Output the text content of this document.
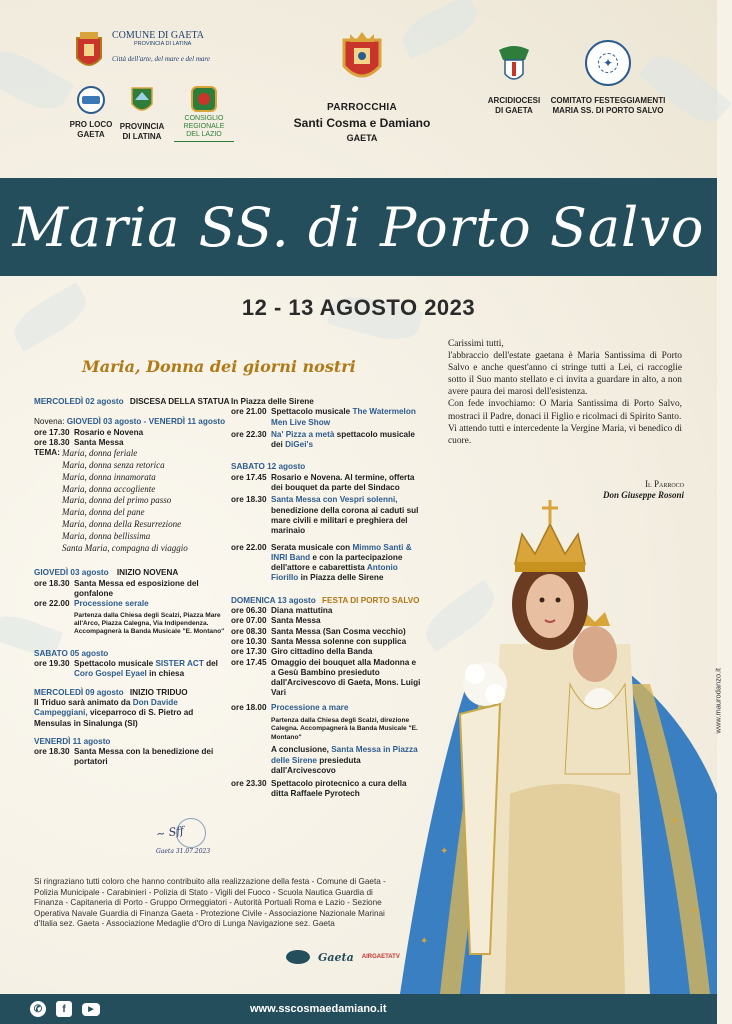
COMUNE DI GAETA
PROVINCIA DI LATINA
Città dell'arte, del mare e del mare
PRO LOCO
GAETA
PROVINCIA
DI LATINA
CONSIGLIO
REGIONALE
DEL LAZIO
PARROCCHIA
Santi Cosma e Damiano
GAETA
ARCIDIOCESI
DI GAETA
✦
COMITATO FESTEGGIAMENTI
MARIA SS. DI PORTO SALVO
Maria SS. di Porto Salvo
12 - 13 AGOSTO 2023
Maria, Donna dei giorni nostri
MERCOLEDÌ 02 agosto DISCESA DELLA STATUA
Novena: GIOVEDÌ 03 agosto - VENERDÌ 11 agosto
ore 17.30 Rosario e Novena
ore 18.30 Santa Messa
TEMA: Maria, donna feriale
Maria, donna senza retorica
Maria, donna innamorata
Maria, donna accogliente
Maria, donna del primo passo
Maria, donna del pane
Maria, donna della Resurrezione
Maria, donna bellissima
Santa Maria, compagna di viaggio
GIOVEDÌ 03 agosto INIZIO NOVENA
ore 18.30 Santa Messa ed esposizione del gonfalone
ore 22.00 Processione serale
Partenza dalla Chiesa degli Scalzi, Piazza Mare all'Arco, Piazza Calegna, Via Indipendenza. Accompagnerà la Banda Musicale "E. Montano"
SABATO 05 agosto
ore 19.30 Spettacolo musicale SISTER ACT del
Coro Gospel Eyael in chiesa
MERCOLEDÌ 09 agosto INIZIO TRIDUO
Il Triduo sarà animato da Don Davide Campeggiani, viceparroco di S. Pietro ad Mensulas in Sinalunga (SI)
VENERDÌ 11 agosto
ore 18.30 Santa Messa con la benedizione dei portatori
~ Sff
Gaeta 31.07.2023
In Piazza delle Sirene
ore 21.00 Spettacolo musicale The Watermelon Men Live Show
ore 22.30 Na' Pizza a metà spettacolo musicale dei DiGei's
SABATO 12 agosto
ore 17.45 Rosario e Novena. Al termine, offerta dei bouquet da parte del Sindaco
ore 18.30 Santa Messa con Vespri solenni, benedizione della corona ai caduti sul mare civili e militari e preghiera del marinaio
ore 22.00 Serata musicale con Mimmo Santi & INRI Band e con la partecipazione dell'attore e cabarettista Antonio Fiorillo in Piazza delle Sirene
DOMENICA 13 agosto FESTA DI PORTO SALVO
ore 06.30 Diana mattutina
ore 07.00 Santa Messa
ore 08.30 Santa Messa (San Cosma vecchio)
ore 10.30 Santa Messa solenne con supplica
ore 17.30 Giro cittadino della Banda
ore 17.45 Omaggio dei bouquet alla Madonna e a Gesù Bambino presieduto dall'Arcivescovo di Gaeta, Mons. Luigi Vari
ore 18.00 Processione a mare
Partenza dalla Chiesa degli Scalzi, direzione Calegna. Accompagnerà la Banda Musicale "E. Montano"
A conclusione, Santa Messa in Piazza delle Sirene presieduta dall'Arcivescovo
ore 23.30 Spettacolo pirotecnico a cura della ditta Raffaele Pyrotech
Carissimi tutti,
l'abbraccio dell'estate gaetana è Maria Santissima di Porto Salvo e anche quest'anno ci stringe tutti a Lei, ci raccoglie sotto il Suo manto stellato e ci invita a guardare in alto, a non avere paura dei marosi dell'esistenza.
Con fede invochiamo: O Maria Santissima di Porto Salvo, mostraci il Padre, donaci il Figlio e ricolmaci di Spirito Santo.
Vi attendo tutti e intercedente la Vergine Maria, vi benedico di cuore.
Il Parroco
Don Giuseppe Rosoni
✦
✦
✦
✦
www.maurodanzo.it
Si ringraziano tutti coloro che hanno contribuito alla realizzazione della festa - Comune di Gaeta - Polizia Municipale - Carabinieri - Polizia di Stato - Vigili del Fuoco - Scuola Nautica Guardia di Finanza - Capitaneria di Porto - Gruppo Ormeggiatori - Autorità Portuali Roma e Lazio - Sezione Operativa Navale Guardia di Finanza Gaeta - Protezione Civile - Associazione Nazionale Marinai d'Italia sez. Gaeta - Associazione Medaglie d'Oro di Lunga Navigazione sez. Gaeta
Gaeta AIRGAETATV
✆	f	▶	www.sscosmaedamiano.it
